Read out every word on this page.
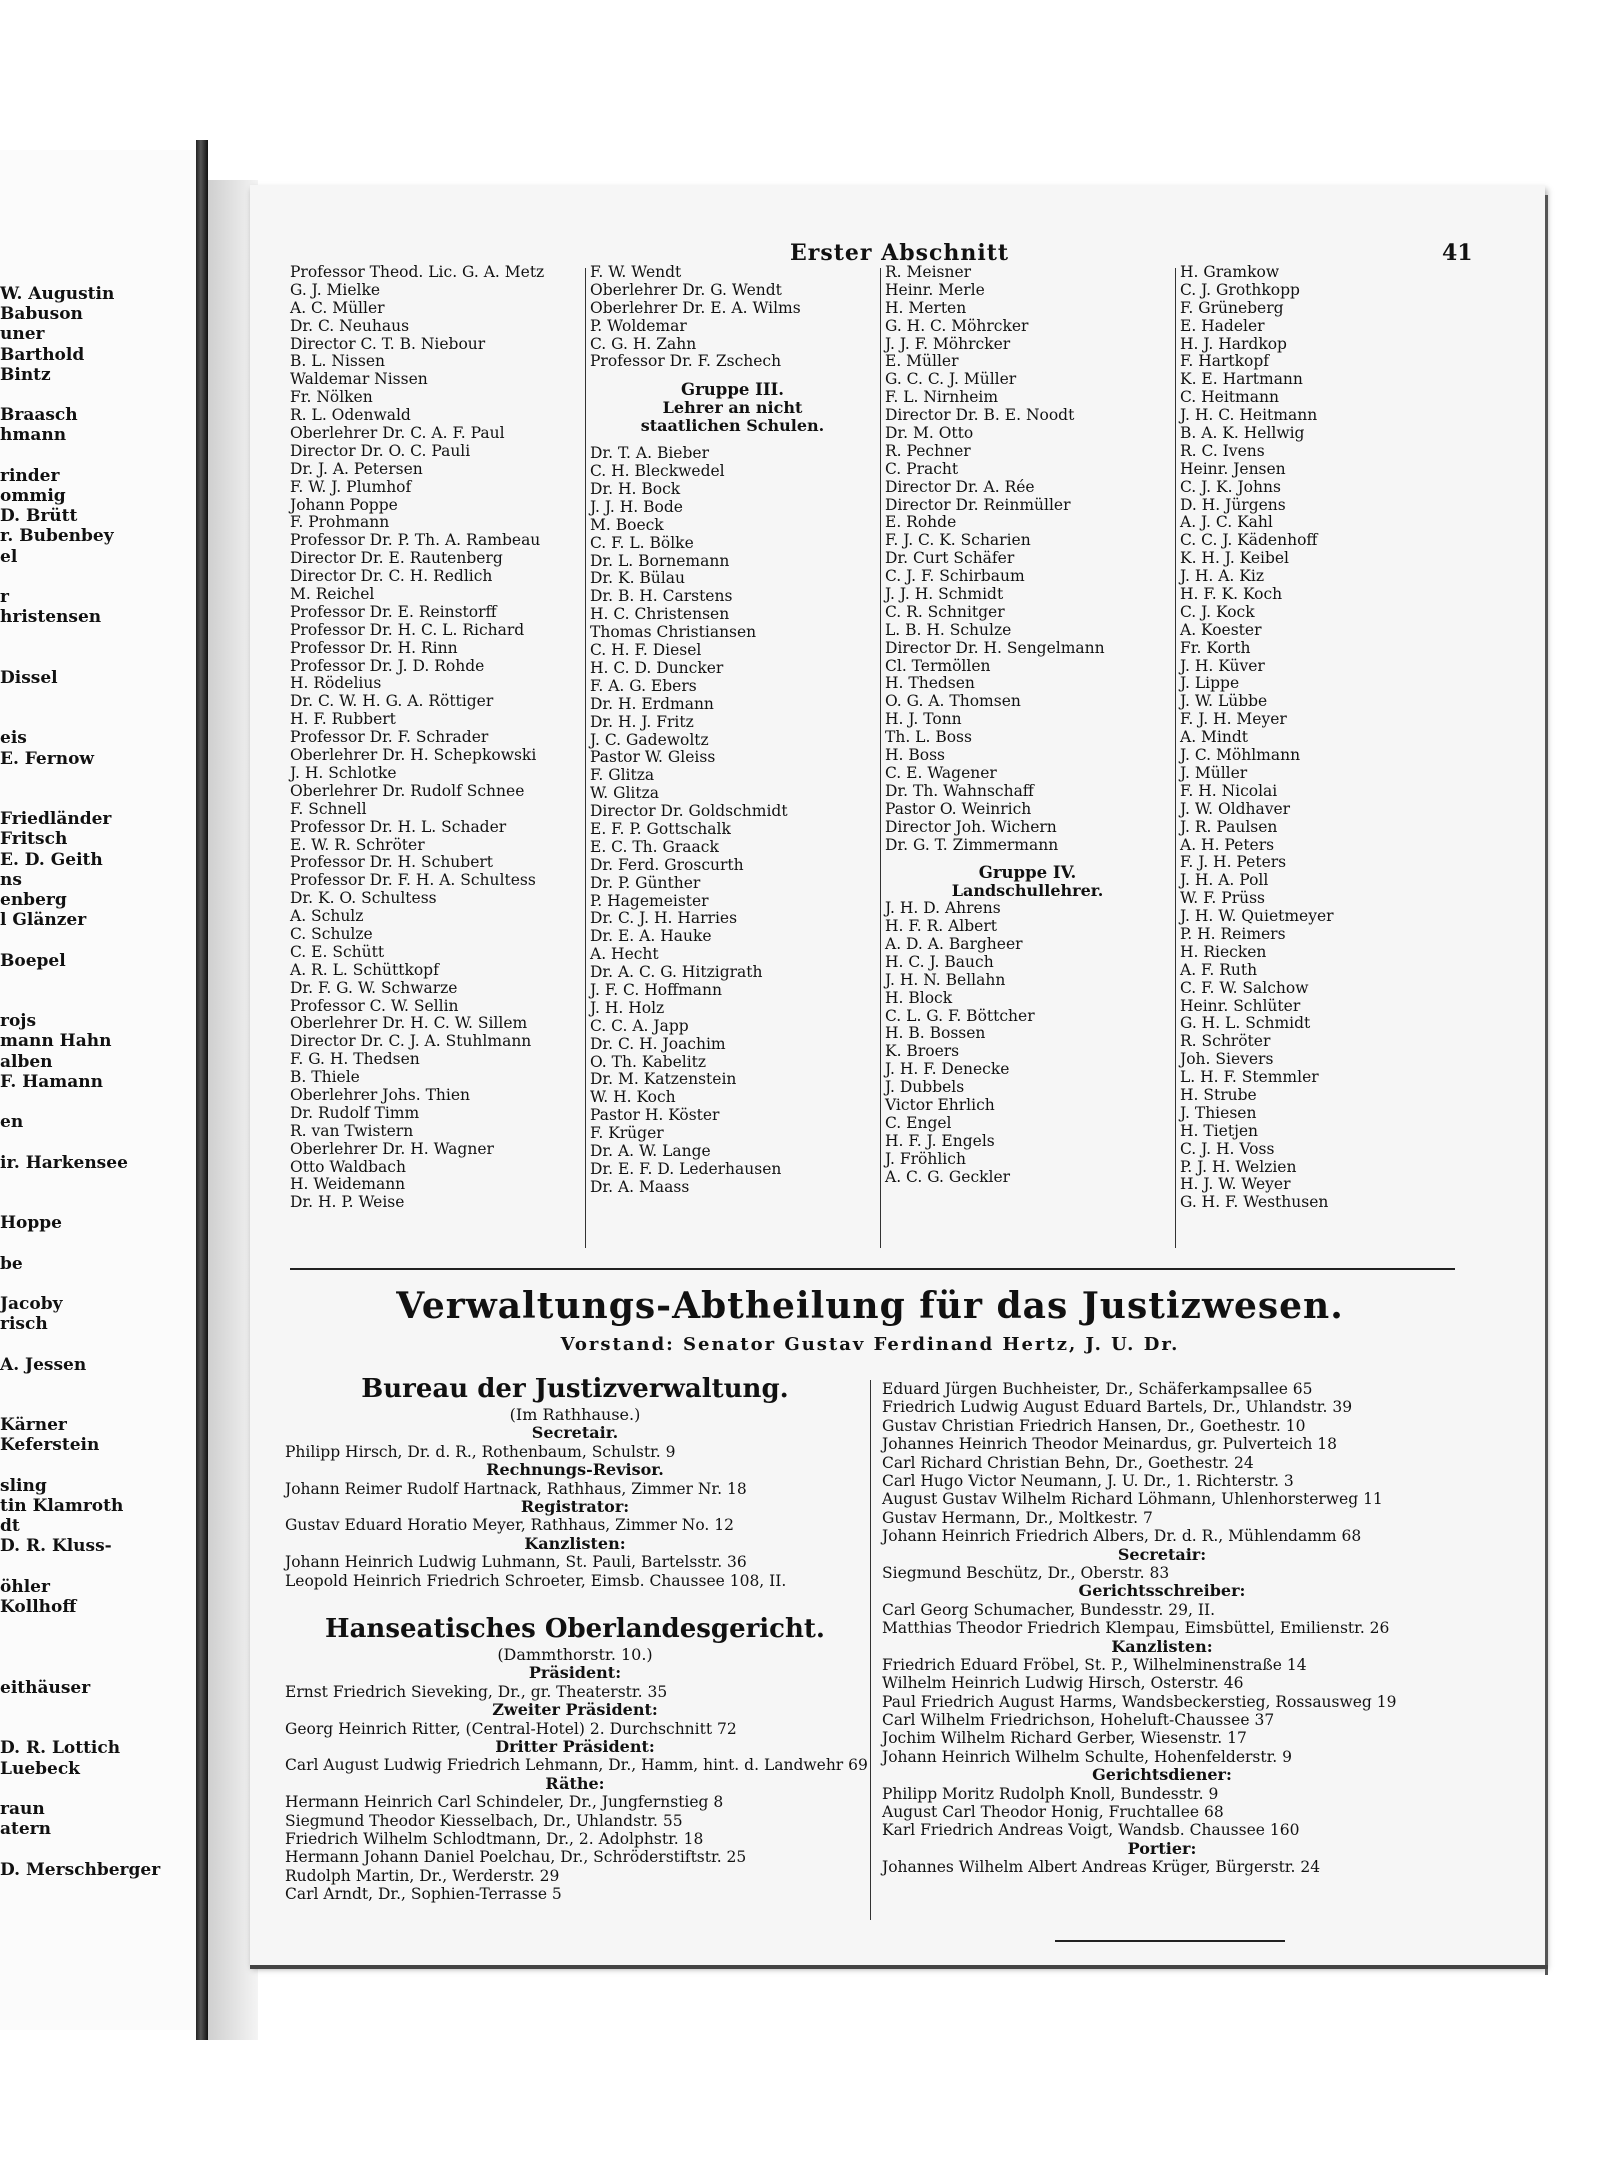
W. Augustin
Babuson
uner
Barthold
Bintz
Braasch
hmann
rinder
ommig
D. Brütt
r. Bubenbey
el
r
hristensen
Dissel
eis
E. Fernow
Friedländer
Fritsch
E. D. Geith
ns
enberg
l Glänzer
Boepel
rojs
mann Hahn
alben
F. Hamann
en
ir. Harkensee
Hoppe
be
Jacoby
risch
A. Jessen
Kärner
Keferstein
sling
tin Klamroth
dt
D. R. Kluss-
öhler
Kollhoff
eithäuser
D. R. Lottich
Luebeck
raun
atern
D. Merschberger
Erster Abschnitt	41
Professor Theod. Lic. G. A. Metz
G. J. Mielke
A. C. Müller
Dr. C. Neuhaus
Director C. T. B. Niebour
B. L. Nissen
Waldemar Nissen
Fr. Nölken
R. L. Odenwald
Oberlehrer Dr. C. A. F. Paul
Director Dr. O. C. Pauli
Dr. J. A. Petersen
F. W. J. Plumhof
Johann Poppe
F. Prohmann
Professor Dr. P. Th. A. Rambeau
Director Dr. E. Rautenberg
Director Dr. C. H. Redlich
M. Reichel
Professor Dr. E. Reinstorff
Professor Dr. H. C. L. Richard
Professor Dr. H. Rinn
Professor Dr. J. D. Rohde
H. Rödelius
Dr. C. W. H. G. A. Röttiger
H. F. Rubbert
Professor Dr. F. Schrader
Oberlehrer Dr. H. Schepkowski
J. H. Schlotke
Oberlehrer Dr. Rudolf Schnee
F. Schnell
Professor Dr. H. L. Schader
E. W. R. Schröter
Professor Dr. H. Schubert
Professor Dr. F. H. A. Schultess
Dr. K. O. Schultess
A. Schulz
C. Schulze
C. E. Schütt
A. R. L. Schüttkopf
Dr. F. G. W. Schwarze
Professor C. W. Sellin
Oberlehrer Dr. H. C. W. Sillem
Director Dr. C. J. A. Stuhlmann
F. G. H. Thedsen
B. Thiele
Oberlehrer Johs. Thien
Dr. Rudolf Timm
R. van Twistern
Oberlehrer Dr. H. Wagner
Otto Waldbach
H. Weidemann
Dr. H. P. Weise
F. W. Wendt
Oberlehrer Dr. G. Wendt
Oberlehrer Dr. E. A. Wilms
P. Woldemar
C. G. H. Zahn
Professor Dr. F. Zschech
Gruppe III.
Lehrer an nicht staatlichen Schulen.
Dr. T. A. Bieber
C. H. Bleckwedel
Dr. H. Bock
J. J. H. Bode
M. Boeck
C. F. L. Bölke
Dr. L. Bornemann
Dr. K. Bülau
Dr. B. H. Carstens
H. C. Christensen
Thomas Christiansen
C. H. F. Diesel
H. C. D. Duncker
F. A. G. Ebers
Dr. H. Erdmann
Dr. H. J. Fritz
J. C. Gadewoltz
Pastor W. Gleiss
F. Glitza
W. Glitza
Director Dr. Goldschmidt
E. F. P. Gottschalk
E. C. Th. Graack
Dr. Ferd. Groscurth
Dr. P. Günther
P. Hagemeister
Dr. C. J. H. Harries
Dr. E. A. Hauke
A. Hecht
Dr. A. C. G. Hitzigrath
J. F. C. Hoffmann
J. H. Holz
C. C. A. Japp
Dr. C. H. Joachim
O. Th. Kabelitz
Dr. M. Katzenstein
W. H. Koch
Pastor H. Köster
F. Krüger
Dr. A. W. Lange
Dr. E. F. D. Lederhausen
Dr. A. Maass
R. Meisner
Heinr. Merle
H. Merten
G. H. C. Möhrcker
J. J. F. Möhrcker
E. Müller
G. C. C. J. Müller
F. L. Nirnheim
Director Dr. B. E. Noodt
Dr. M. Otto
R. Pechner
C. Pracht
Director Dr. A. Rée
Director Dr. Reinmüller
E. Rohde
F. J. C. K. Scharien
Dr. Curt Schäfer
C. J. F. Schirbaum
J. J. H. Schmidt
C. R. Schnitger
L. B. H. Schulze
Director Dr. H. Sengelmann
Cl. Termöllen
H. Thedsen
O. G. A. Thomsen
H. J. Tonn
Th. L. Boss
H. Boss
C. E. Wagener
Dr. Th. Wahnschaff
Pastor O. Weinrich
Director Joh. Wichern
Dr. G. T. Zimmermann
Gruppe IV.
Landschullehrer.
J. H. D. Ahrens
H. F. R. Albert
A. D. A. Bargheer
H. C. J. Bauch
J. H. N. Bellahn
H. Block
C. L. G. F. Böttcher
H. B. Bossen
K. Broers
J. H. F. Denecke
J. Dubbels
Victor Ehrlich
C. Engel
H. F. J. Engels
J. Fröhlich
A. C. G. Geckler
H. Gramkow
C. J. Grothkopp
F. Grüneberg
E. Hadeler
H. J. Hardkop
F. Hartkopf
K. E. Hartmann
C. Heitmann
J. H. C. Heitmann
B. A. K. Hellwig
R. C. Ivens
Heinr. Jensen
C. J. K. Johns
D. H. Jürgens
A. J. C. Kahl
C. C. J. Kädenhoff
K. H. J. Keibel
J. H. A. Kiz
H. F. K. Koch
C. J. Kock
A. Koester
Fr. Korth
J. H. Küver
J. Lippe
J. W. Lübbe
F. J. H. Meyer
A. Mindt
J. C. Möhlmann
J. Müller
F. H. Nicolai
J. W. Oldhaver
J. R. Paulsen
A. H. Peters
F. J. H. Peters
J. H. A. Poll
W. F. Prüss
J. H. W. Quietmeyer
P. H. Reimers
H. Riecken
A. F. Ruth
C. F. W. Salchow
Heinr. Schlüter
G. H. L. Schmidt
R. Schröter
Joh. Sievers
L. H. F. Stemmler
H. Strube
J. Thiesen
H. Tietjen
C. J. H. Voss
P. J. H. Welzien
H. J. W. Weyer
G. H. F. Westhusen
Verwaltungs-Abtheilung für das Justizwesen.
Vorstand: Senator Gustav Ferdinand Hertz, J. U. Dr.
Bureau der Justizverwaltung.
(Im Rathhause.)
Secretair.
Philipp Hirsch, Dr. d. R., Rothenbaum, Schulstr. 9
Rechnungs-Revisor.
Johann Reimer Rudolf Hartnack, Rathhaus, Zimmer Nr. 18
Registrator:
Gustav Eduard Horatio Meyer, Rathhaus, Zimmer No. 12
Kanzlisten:
Johann Heinrich Ludwig Luhmann, St. Pauli, Bartelsstr. 36
Leopold Heinrich Friedrich Schroeter, Eimsb. Chaussee 108, II.
Hanseatisches Oberlandesgericht.
(Dammthorstr. 10.)
Präsident:
Ernst Friedrich Sieveking, Dr., gr. Theaterstr. 35
Zweiter Präsident:
Georg Heinrich Ritter, (Central-Hotel) 2. Durchschnitt 72
Dritter Präsident:
Carl August Ludwig Friedrich Lehmann, Dr., Hamm, hint. d. Landwehr 69
Räthe:
Hermann Heinrich Carl Schindeler, Dr., Jungfernstieg 8
Siegmund Theodor Kiesselbach, Dr., Uhlandstr. 55
Friedrich Wilhelm Schlodtmann, Dr., 2. Adolphstr. 18
Hermann Johann Daniel Poelchau, Dr., Schröderstiftstr. 25
Rudolph Martin, Dr., Werderstr. 29
Carl Arndt, Dr., Sophien-Terrasse 5
Eduard Jürgen Buchheister, Dr., Schäferkampsallee 65
Friedrich Ludwig August Eduard Bartels, Dr., Uhlandstr. 39
Gustav Christian Friedrich Hansen, Dr., Goethestr. 10
Johannes Heinrich Theodor Meinardus, gr. Pulverteich 18
Carl Richard Christian Behn, Dr., Goethestr. 24
Carl Hugo Victor Neumann, J. U. Dr., 1. Richterstr. 3
August Gustav Wilhelm Richard Löhmann, Uhlenhorsterweg 11
Gustav Hermann, Dr., Moltkestr. 7
Johann Heinrich Friedrich Albers, Dr. d. R., Mühlendamm 68
Secretair:
Siegmund Beschütz, Dr., Oberstr. 83
Gerichtsschreiber:
Carl Georg Schumacher, Bundesstr. 29, II.
Matthias Theodor Friedrich Klempau, Eimsbüttel, Emilienstr. 26
Kanzlisten:
Friedrich Eduard Fröbel, St. P., Wilhelminenstraße 14
Wilhelm Heinrich Ludwig Hirsch, Osterstr. 46
Paul Friedrich August Harms, Wandsbeckerstieg, Rossausweg 19
Carl Wilhelm Friedrichson, Hoheluft-Chaussee 37
Jochim Wilhelm Richard Gerber, Wiesenstr. 17
Johann Heinrich Wilhelm Schulte, Hohenfelderstr. 9
Gerichtsdiener:
Philipp Moritz Rudolph Knoll, Bundesstr. 9
August Carl Theodor Honig, Fruchtallee 68
Karl Friedrich Andreas Voigt, Wandsb. Chaussee 160
Portier:
Johannes Wilhelm Albert Andreas Krüger, Bürgerstr. 24
